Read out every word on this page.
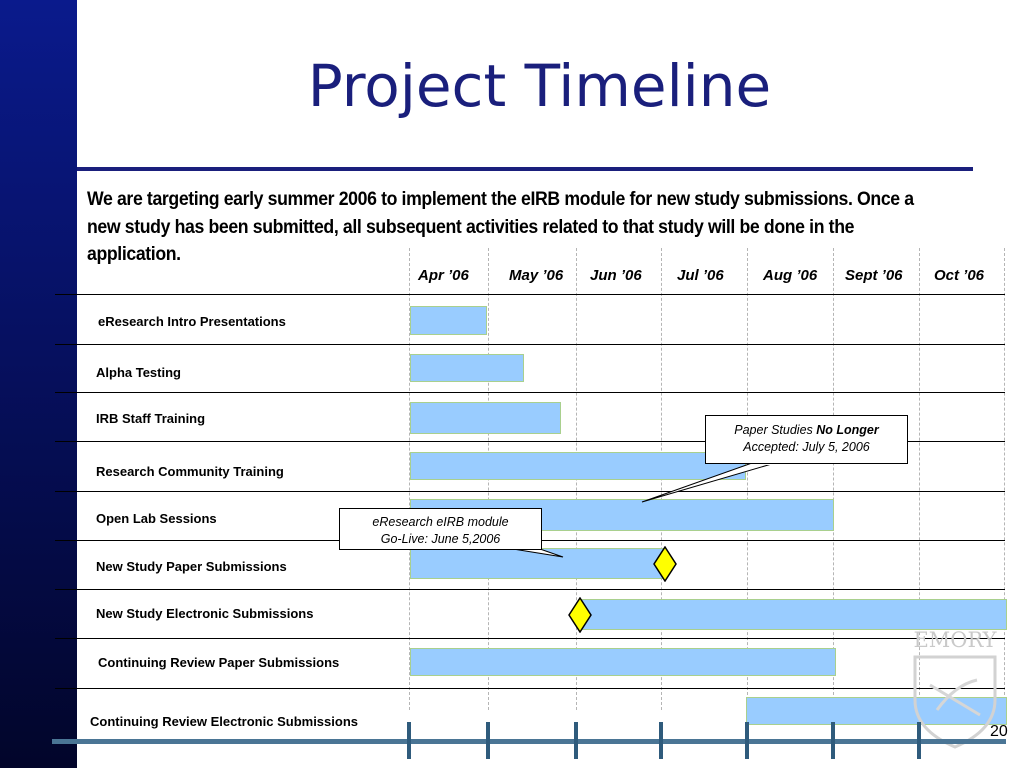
Project Timeline
We are targeting early summer 2006 to implement the eIRB module for new study submissions. Once a new study has been submitted, all subsequent activities related to that study will be done in the application.
Apr ’06	May ’06 Jun ’06 Jul ’06	Aug ’06 Sept ’06 Oct ’06
eResearch Intro Presentations
Alpha Testing
IRB Staff Training
Research Community Training
Open Lab Sessions
New Study Paper Submissions
New Study Electronic Submissions
Continuing Review Paper Submissions
Continuing Review Electronic Submissions
Paper Studies No Longer
Accepted: July 5, 2006
eResearch eIRB module
Go-Live: June 5,2006
EMORY
20
